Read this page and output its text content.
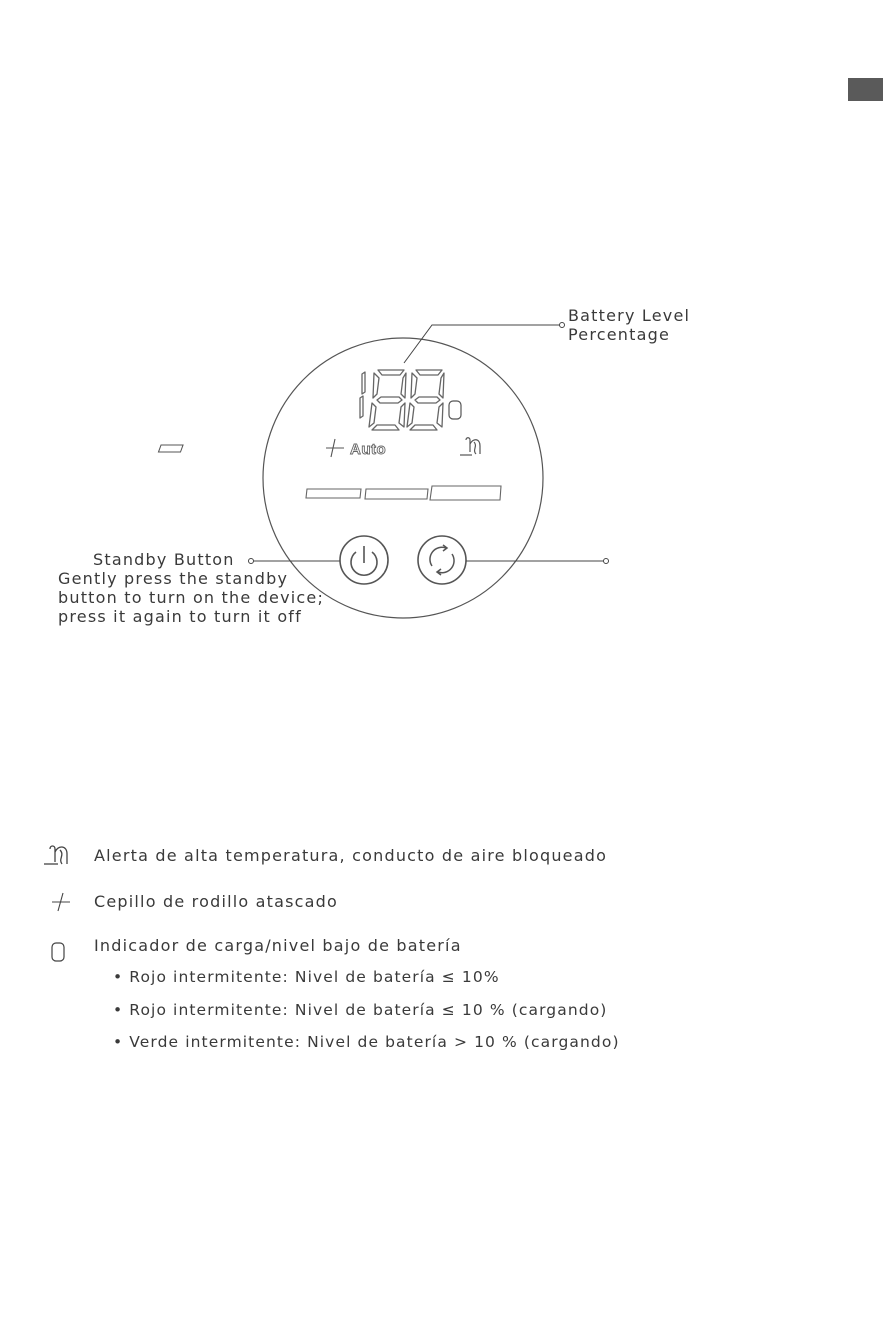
Auto
Battery Level
Percentage
Standby Button
Gently press the standby
button to turn on the device;
press it again to turn it off
Alerta de alta temperatura, conducto de aire bloqueado
Cepillo de rodillo atascado
Indicador de carga/nivel bajo de batería
• Rojo intermitente: Nivel de batería ≤ 10%
• Rojo intermitente: Nivel de batería ≤ 10 % (cargando)
• Verde intermitente: Nivel de batería > 10 % (cargando)
